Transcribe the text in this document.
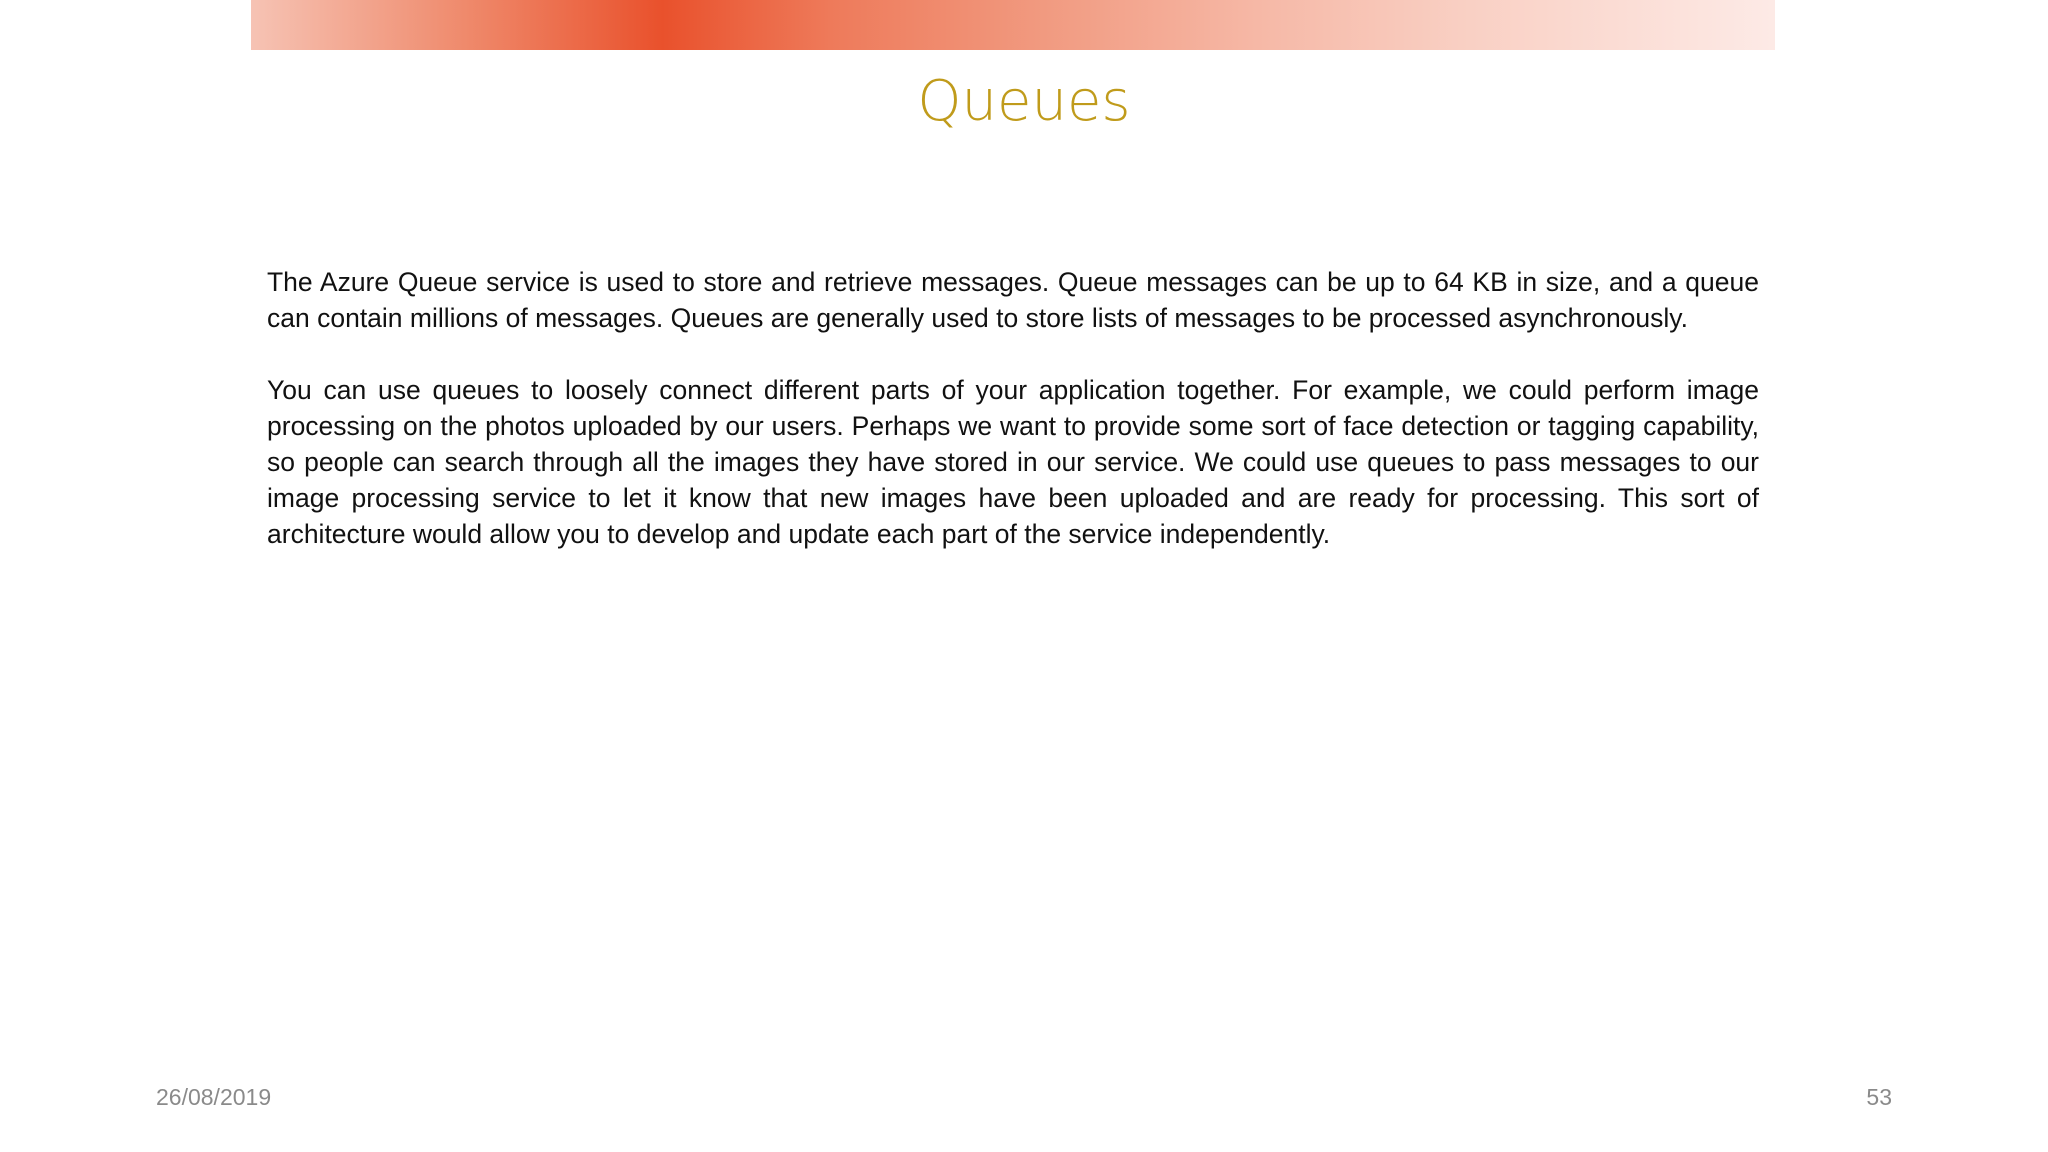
Queues

The Azure Queue service is used to store and retrieve messages. Queue messages can be up to 64 KB in size, and a queue can contain millions of messages. Queues are generally used to store lists of messages to be processed asynchronously.

You can use queues to loosely connect different parts of your application together. For example, we could perform image processing on the photos uploaded by our users. Perhaps we want to provide some sort of face detection or tagging capability, so people can search through all the images they have stored in our service. We could use queues to pass messages to our image processing service to let it know that new images have been uploaded and are ready for processing. This sort of architecture would allow you to develop and update each part of the service independently.

26/08/2019	53
